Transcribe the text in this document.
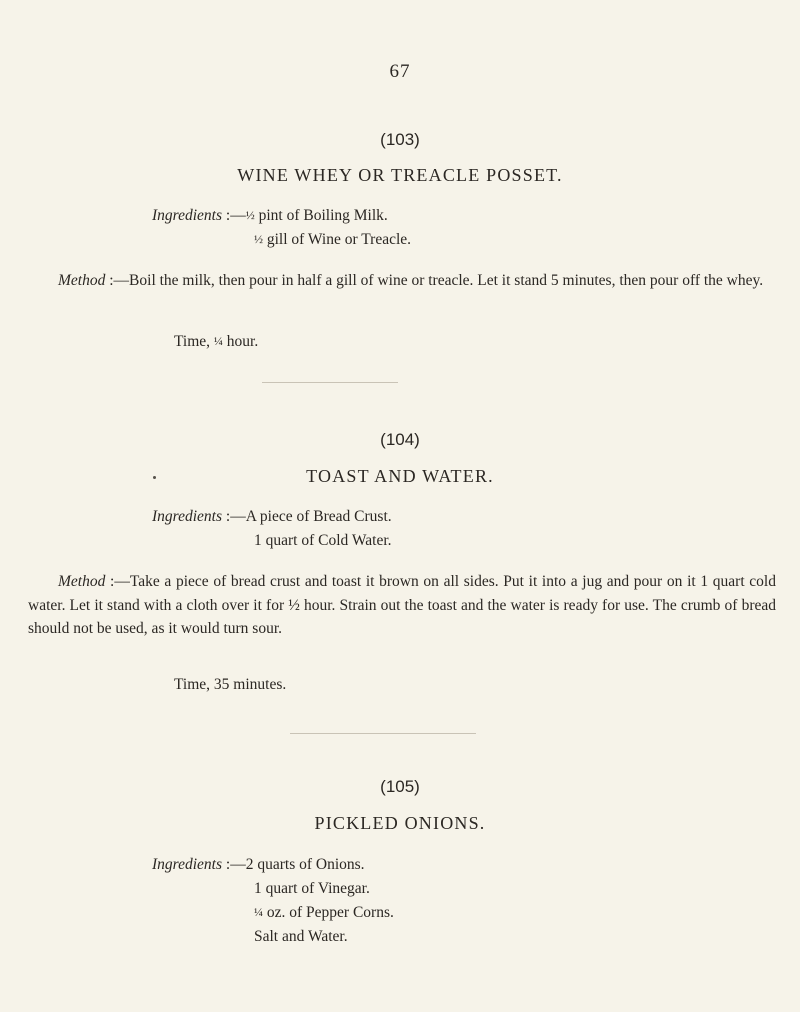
67
(103)
WINE WHEY OR TREACLE POSSET.
Ingredients :—½ pint of Boiling Milk.
½ gill of Wine or Treacle.

Method :—Boil the milk, then pour in half a gill of wine or treacle. Let it stand 5 minutes, then pour off the whey.

Time, ¼ hour.
(104)
TOAST AND WATER.
Ingredients :—A piece of Bread Crust.
1 quart of Cold Water.

Method :—Take a piece of bread crust and toast it brown on all sides. Put it into a jug and pour on it 1 quart cold water. Let it stand with a cloth over it for ½ hour. Strain out the toast and the water is ready for use. The crumb of bread should not be used, as it would turn sour.

Time, 35 minutes.
(105)
PICKLED ONIONS.
Ingredients :—2 quarts of Onions.
1 quart of Vinegar.
¼ oz. of Pepper Corns.
Salt and Water.
